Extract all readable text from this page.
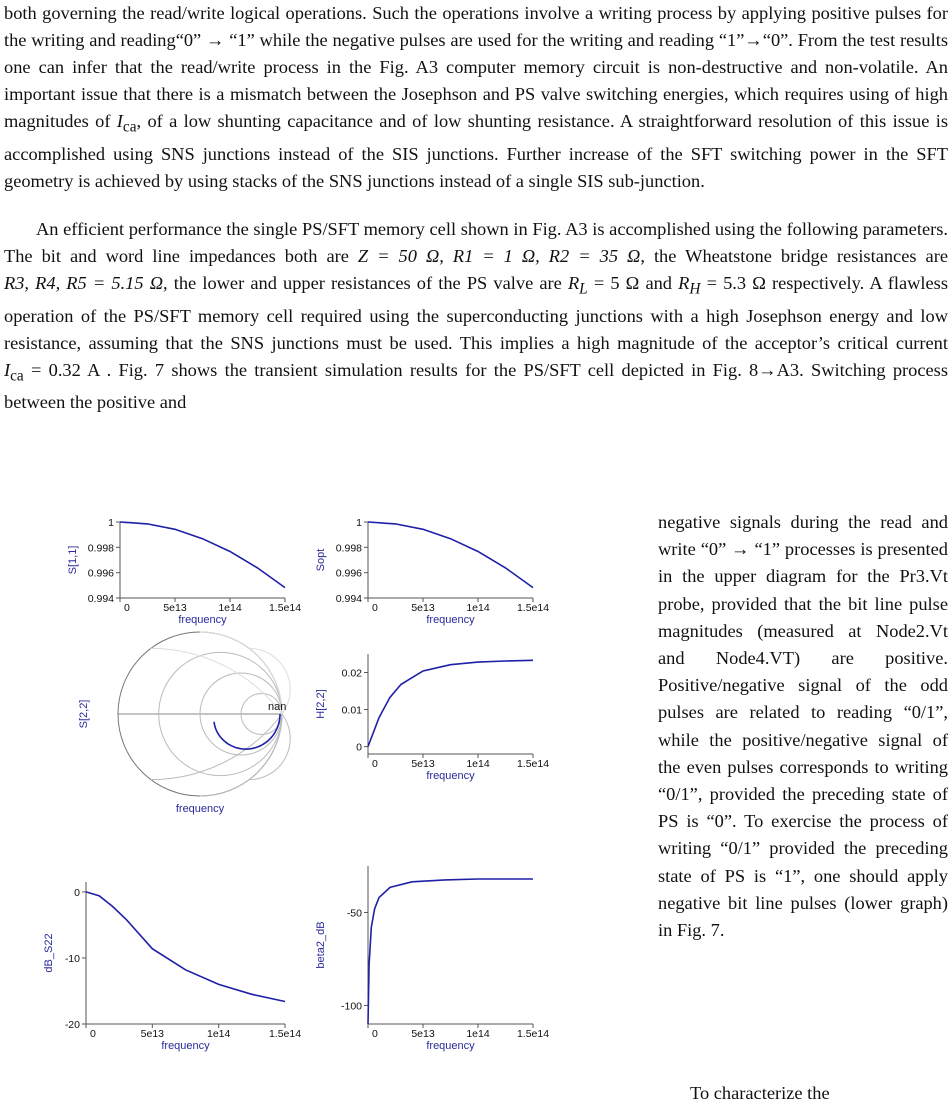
both governing the read/write logical operations. Such the operations involve a writing process by applying positive pulses for the writing and reading“0” → “1” while the negative pulses are used for the writing and reading “1”→“0”. From the test results one can infer that the read/write process in the Fig. A3 computer memory circuit is non-destructive and non-volatile. An important issue that there is a mismatch between the Josephson and PS valve switching energies, which requires using of high magnitudes of $I_{ca}$, of a low shunting capacitance and of low shunting resistance. A straightforward resolution of this issue is accomplished using SNS junctions instead of the SIS junctions. Further increase of the SFT switching power in the SFT geometry is achieved by using stacks of the SNS junctions instead of a single SIS sub-junction.

An efficient performance the single PS/SFT memory cell shown in Fig. A3 is accomplished using the following parameters. The bit and word line impedances both are Z = 50 Ω, R1 = 1 Ω, R2 = 35 Ω, the Wheatstone bridge resistances are R3, R4, R5 = 5.15 Ω, the lower and upper resistances of the PS valve are $R_L = 5$ Ω and $R_H = 5.3$ Ω respectively. A flawless operation of the PS/SFT memory cell required using the superconducting junctions with a high Josephson energy and low resistance, assuming that the SNS junctions must be used. This implies a high magnitude of the acceptor’s critical current $I_{ca} = 0.32$ A . Fig. 7 shows the transient simulation results for the PS/SFT cell depicted in Fig. 8→A3. Switching process between the positive and

negative signals during the read and write “0” → “1” processes is presented in the upper diagram for the Pr3.Vt probe, provided that the bit line pulse magnitudes (measured at Node2.Vt and Node4.VT) are positive. Positive/negative signal of the odd pulses are related to reading “0/1”, while the positive/negative signal of the even pulses corresponds to writing “0/1”, provided the preceding state of PS is “0”. To exercise the process of writing “0/1” provided the preceding state of PS is “1”, one should apply negative bit line pulses (lower graph) in Fig. 7.

To characterize the

0	5e13	1e14	1.5e14
0.994
0.996
0.998
1
S[1,1]
frequency
0	5e13	1e14	1.5e14
0.994
0.996
0.998
1
Sopt
frequency
nan
S[2,2]
frequency
0	5e13	1e14	1.5e14
0
0.01
0.02
H[2,2]
frequency
0	5e13	1e14	1.5e14
-20
-10
0
dB_S22
frequency
0	5e13	1e14	1.5e14
-100
-50
beta2_dB
frequency
